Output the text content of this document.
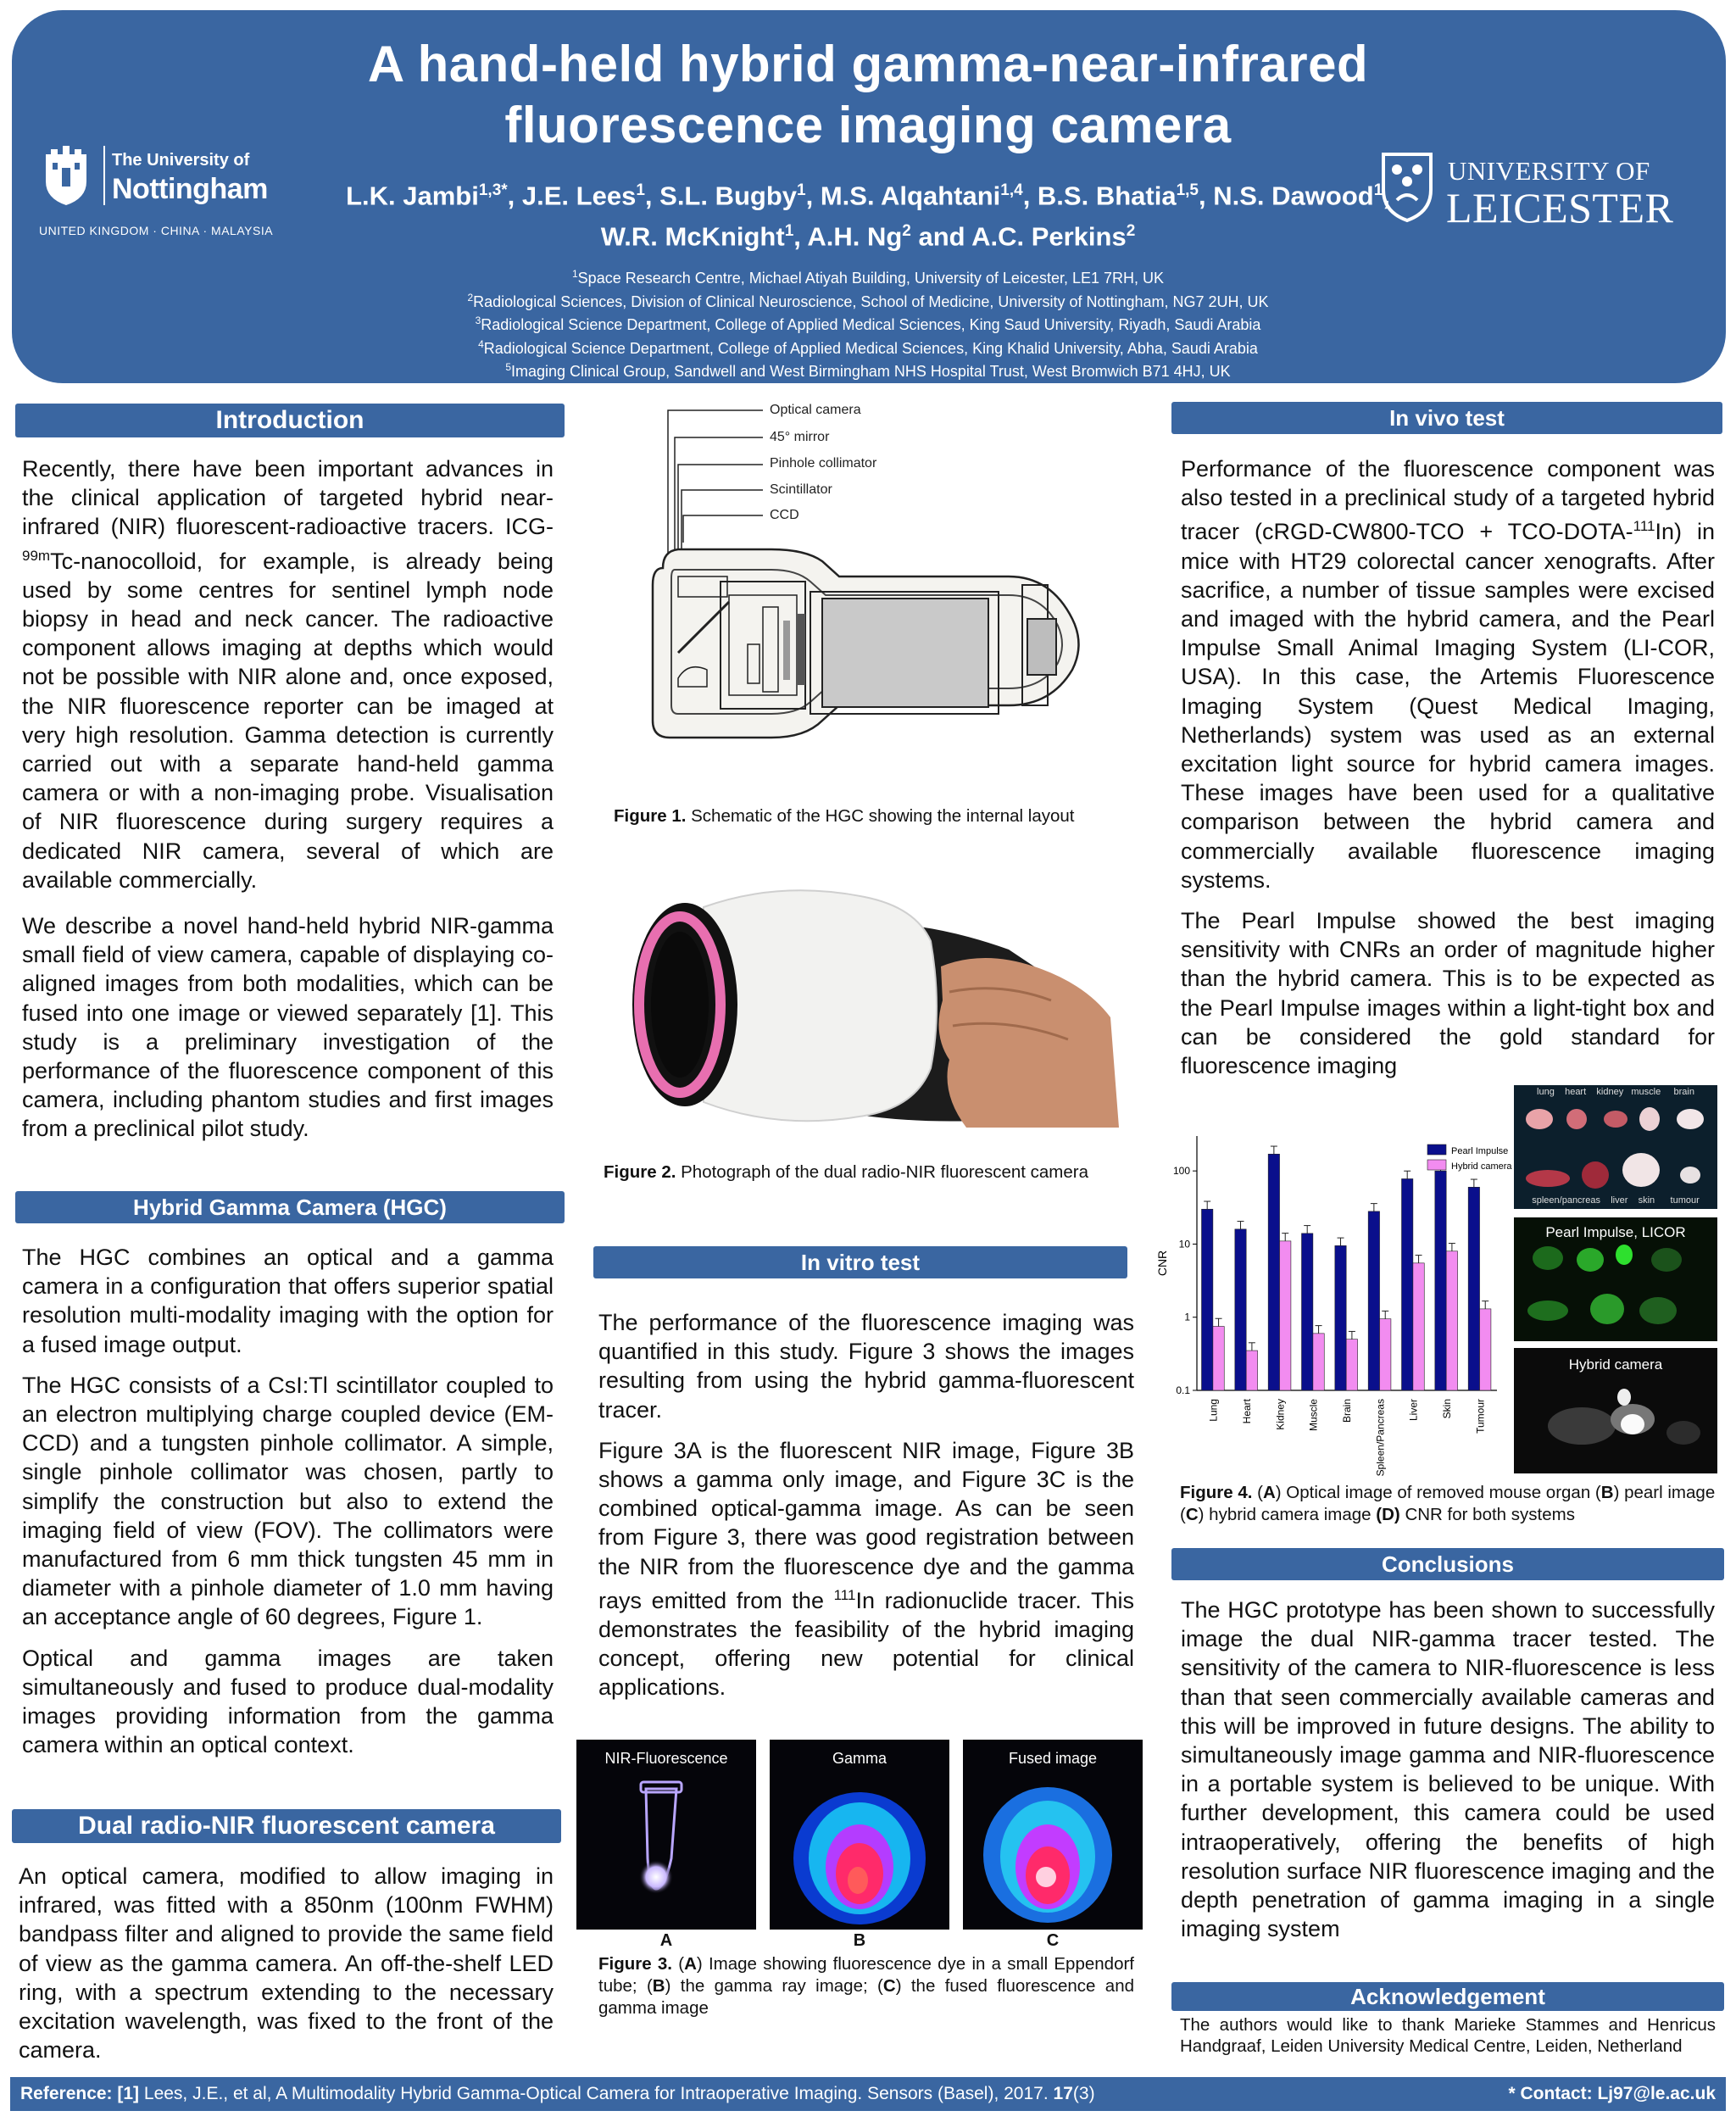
The University of
Nottingham
UNITED KINGDOM · CHINA · MALAYSIA
A hand-held hybrid gamma-near-infrared
fluorescence imaging camera
L.K. Jambi$^{1,3*}$, J.E. Lees$^1$, S.L. Bugby$^1$, M.S. Alqahtani$^{1,4}$, B.S. Bhatia$^{1,5}$, N.S. Dawood$^1$,
W.R. McKnight$^1$, A.H. Ng$^2$ and A.C. Perkins$^2$
$^1$Space Research Centre, Michael Atiyah Building, University of Leicester, LE1 7RH, UK
$^2$Radiological Sciences, Division of Clinical Neuroscience, School of Medicine, University of Nottingham, NG7 2UH, UK
$^3$Radiological Science Department, College of Applied Medical Sciences, King Saud University, Riyadh, Saudi Arabia
$^4$Radiological Science Department, College of Applied Medical Sciences, King Khalid University, Abha, Saudi Arabia
$^5$Imaging Clinical Group, Sandwell and West Birmingham NHS Hospital Trust, West Bromwich B71 4HJ, UK
UNIVERSITY OF
LEICESTER
Introduction

Recently, there have been important advances in the clinical application of targeted hybrid near-infrared (NIR) fluorescent-radioactive tracers. ICG-$^{99m}$Tc-nanocolloid, for example, is already being used by some centres for sentinel lymph node biopsy in head and neck cancer. The radioactive component allows imaging at depths which would not be possible with NIR alone and, once exposed, the NIR fluorescence reporter can be imaged at very high resolution. Gamma detection is currently carried out with a separate hand-held gamma camera or with a non-imaging probe. Visualisation of NIR fluorescence during surgery requires a dedicated NIR camera, several of which are available commercially.

We describe a novel hand-held hybrid NIR-gamma small field of view camera, capable of displaying co-aligned images from both modalities, which can be fused into one image or viewed separately [1]. This study is a preliminary investigation of the performance of the fluorescence component of this camera, including phantom studies and first images from a preclinical pilot study.

Hybrid Gamma Camera (HGC)

The HGC combines an optical and a gamma camera in a configuration that offers superior spatial resolution multi-modality imaging with the option for a fused image output.

The HGC consists of a CsI:Tl scintillator coupled to an electron multiplying charge coupled device (EM-CCD) and a tungsten pinhole collimator. A simple, single pinhole collimator was chosen, partly to simplify the construction but also to extend the imaging field of view (FOV). The collimators were manufactured from 6 mm thick tungsten 45 mm in diameter with a pinhole diameter of 1.0 mm having an acceptance angle of 60 degrees, Figure 1.

Optical and gamma images are taken simultaneously and fused to produce dual-modality images providing information from the gamma camera within an optical context.

Dual radio-NIR fluorescent camera

An optical camera, modified to allow imaging in infrared, was fitted with a 850nm (100nm FWHM) bandpass filter and aligned to provide the same field of view as the gamma camera. An off-the-shelf LED ring, with a spectrum extending to the necessary excitation wavelength, was fixed to the front of the camera.

Optical camera
45° mirror
Pinhole collimator
Scintillator
CCD
Figure 1. Schematic of the HGC showing the internal layout
Figure 2. Photograph of the dual radio-NIR fluorescent camera
In vitro test

The performance of the fluorescence imaging was quantified in this study. Figure 3 shows the images resulting from using the hybrid gamma-fluorescent tracer.

Figure 3A is the fluorescent NIR image, Figure 3B shows a gamma only image, and Figure 3C is the combined optical-gamma image. As can be seen from Figure 3, there was good registration between the NIR from the fluorescence dye and the gamma rays emitted from the $^{111}$In radionuclide tracer. This demonstrates the feasibility of the hybrid imaging concept, offering new potential for clinical applications.

NIR-Fluorescence	Gamma	Fused image
A	B	C
Figure 3. (A) Image showing fluorescence dye in a small Eppendorf tube; (B) the gamma ray image; (C) the fused fluorescence and gamma image
In vivo test

Performance of the fluorescence component was also tested in a preclinical study of a targeted hybrid tracer (cRGD-CW800-TCO + TCO-DOTA-$^{111}$In) in mice with HT29 colorectal cancer xenografts. After sacrifice, a number of tissue samples were excised and imaged with the hybrid camera, and the Pearl Impulse Small Animal Imaging System (LI-COR, USA). In this case, the Artemis Fluorescence Imaging System (Quest Medical Imaging, Netherlands) system was used as an external excitation light source for hybrid camera images. These images have been used for a qualitative comparison between the hybrid camera and commercially available fluorescence imaging systems.

The Pearl Impulse showed the best imaging sensitivity with CNRs an order of magnitude higher than the hybrid camera. This is to be expected as the Pearl Impulse images within a light-tight box and can be considered the gold standard for fluorescence imaging

0.1
1
10
100
CNR
Lung Heart Kidney Muscle Brain Spleen/Pancreas Liver Skin Tumour
Pearl Impulse
Hybrid camera
lung heart kidney muscle brain
spleen/pancreas liver skin tumour
Pearl Impulse, LICOR
Hybrid camera
Figure 4. (A) Optical image of removed mouse organ (B) pearl image (C) hybrid camera image (D) CNR for both systems
Conclusions

The HGC prototype has been shown to successfully image the dual NIR-gamma tracer tested. The sensitivity of the camera to NIR-fluorescence is less than that seen commercially available cameras and this will be improved in future designs. The ability to simultaneously image gamma and NIR-fluorescence in a portable system is believed to be unique. With further development, this camera could be used intraoperatively, offering the benefits of high resolution surface NIR fluorescence imaging and the depth penetration of gamma imaging in a single imaging system

Acknowledgement
The authors would like to thank Marieke Stammes and Henricus Handgraaf, Leiden University Medical Centre, Leiden, Netherland
Reference: [1] Lees, J.E., et al, A Multimodality Hybrid Gamma-Optical Camera for Intraoperative Imaging. Sensors (Basel), 2017. 17(3)	* Contact: Lj97@le.ac.uk
